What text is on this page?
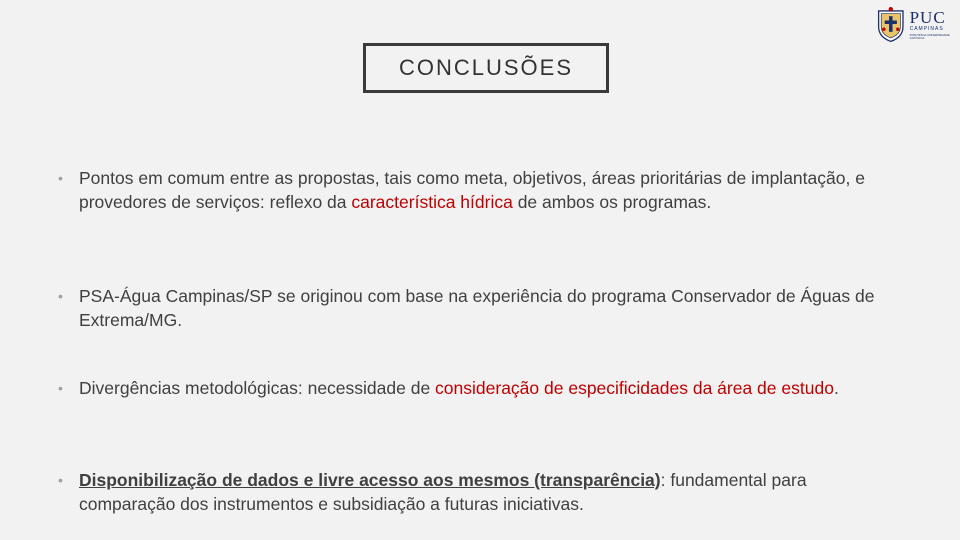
CONCLUSÕES
PUC
CAMPINAS
PONTIFÍCIA UNIVERSIDADE CATÓLICA
• Pontos em comum entre as propostas, tais como meta, objetivos, áreas prioritárias de implantação, e provedores de serviços: reflexo da característica hídrica de ambos os programas.
• PSA-Água Campinas/SP se originou com base na experiência do programa Conservador de Águas de Extrema/MG.
• Divergências metodológicas: necessidade de consideração de especificidades da área de estudo.
• Disponibilização de dados e livre acesso aos mesmos (transparência): fundamental para comparação dos instrumentos e subsidiação a futuras iniciativas.
